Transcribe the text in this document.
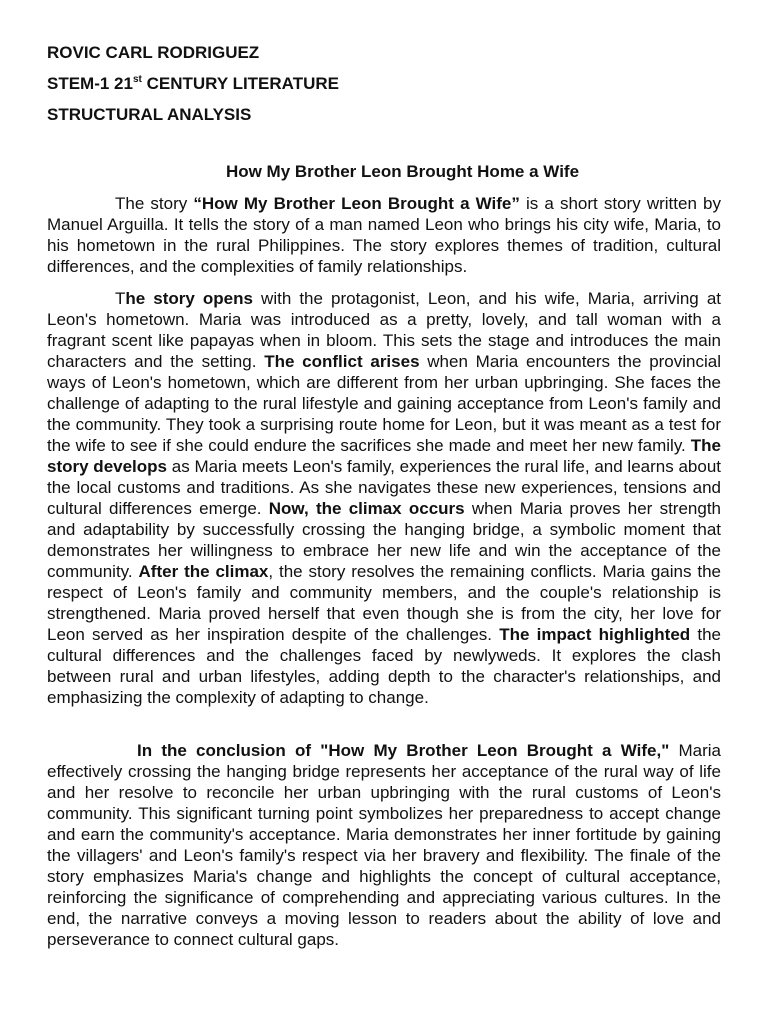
ROVIC CARL RODRIGUEZ
STEM-1 21st CENTURY LITERATURE
STRUCTURAL ANALYSIS
How My Brother Leon Brought Home a Wife

The story “How My Brother Leon Brought a Wife” is a short story written by Manuel Arguilla. It tells the story of a man named Leon who brings his city wife, Maria, to his hometown in the rural Philippines. The story explores themes of tradition, cultural differences, and the complexities of family relationships.

The story opens with the protagonist, Leon, and his wife, Maria, arriving at Leon's hometown. Maria was introduced as a pretty, lovely, and tall woman with a fragrant scent like papayas when in bloom. This sets the stage and introduces the main characters and the setting. The conflict arises when Maria encounters the provincial ways of Leon's hometown, which are different from her urban upbringing. She faces the challenge of adapting to the rural lifestyle and gaining acceptance from Leon's family and the community. They took a surprising route home for Leon, but it was meant as a test for the wife to see if she could endure the sacrifices she made and meet her new family. The story develops as Maria meets Leon's family, experiences the rural life, and learns about the local customs and traditions. As she navigates these new experiences, tensions and cultural differences emerge. Now, the climax occurs when Maria proves her strength and adaptability by successfully crossing the hanging bridge, a symbolic moment that demonstrates her willingness to embrace her new life and win the acceptance of the community. After the climax, the story resolves the remaining conflicts. Maria gains the respect of Leon's family and community members, and the couple's relationship is strengthened. Maria proved herself that even though she is from the city, her love for Leon served as her inspiration despite of the challenges. The impact highlighted the cultural differences and the challenges faced by newlyweds. It explores the clash between rural and urban lifestyles, adding depth to the character's relationships, and emphasizing the complexity of adapting to change.

In the conclusion of "How My Brother Leon Brought a Wife," Maria effectively crossing the hanging bridge represents her acceptance of the rural way of life and her resolve to reconcile her urban upbringing with the rural customs of Leon's community. This significant turning point symbolizes her preparedness to accept change and earn the community's acceptance. Maria demonstrates her inner fortitude by gaining the villagers' and Leon's family's respect via her bravery and flexibility. The finale of the story emphasizes Maria's change and highlights the concept of cultural acceptance, reinforcing the significance of comprehending and appreciating various cultures. In the end, the narrative conveys a moving lesson to readers about the ability of love and perseverance to connect cultural gaps.
